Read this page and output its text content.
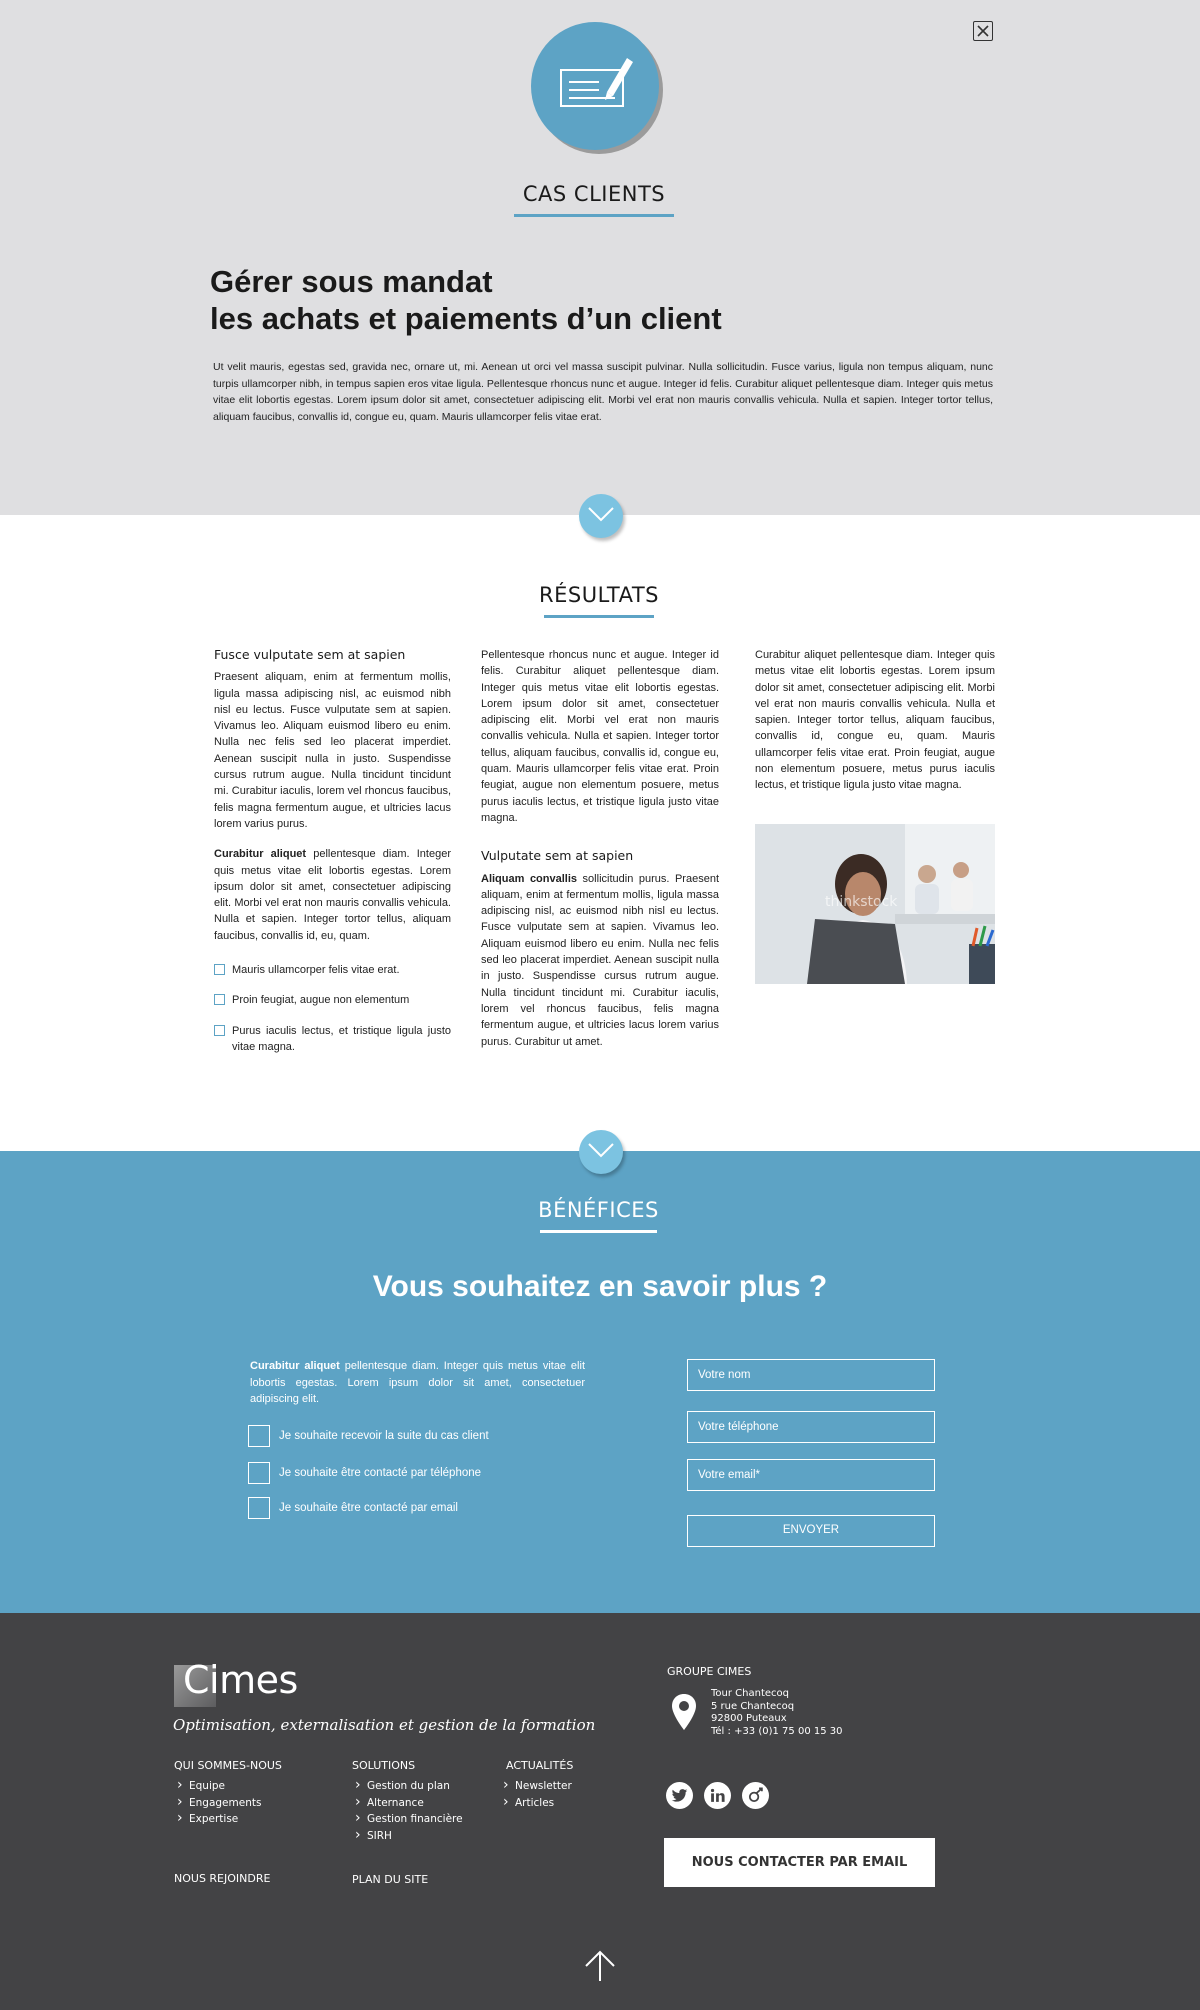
CAS CLIENTS
Gérer sous mandat
les achats et paiements d’un client

Ut velit mauris, egestas sed, gravida nec, ornare ut, mi. Aenean ut orci vel massa suscipit pulvinar. Nulla sollicitudin. Fusce varius, ligula non tempus aliquam, nunc turpis ullamcorper nibh, in tempus sapien eros vitae ligula. Pellentesque rhoncus nunc et augue. Integer id felis. Curabitur aliquet pellentesque diam. Integer quis metus vitae elit lobortis egestas. Lorem ipsum dolor sit amet, consectetuer adipiscing elit. Morbi vel erat non mauris convallis vehicula. Nulla et sapien. Integer tortor tellus, aliquam faucibus, convallis id, congue eu, quam. Mauris ullamcorper felis vitae erat.

RÉSULTATS
Fusce vulputate sem at sapien

Praesent aliquam, enim at fermentum mollis, ligula massa adipiscing nisl, ac euismod nibh nisl eu lectus. Fusce vulputate sem at sapien. Vivamus leo. Aliquam euismod libero eu enim. Nulla nec felis sed leo placerat imperdiet. Aenean suscipit nulla in justo. Suspendisse cursus rutrum augue. Nulla tincidunt tincidunt mi. Curabitur iaculis, lorem vel rhoncus faucibus, felis magna fermentum augue, et ultricies lacus lorem varius purus.

Curabitur aliquet pellentesque diam. Integer quis metus vitae elit lobortis egestas. Lorem ipsum dolor sit amet, consectetuer adipiscing elit. Morbi vel erat non mauris convallis vehicula. Nulla et sapien. Integer tortor tellus, aliquam faucibus, convallis id, eu, quam.

Mauris ullamcorper felis vitae erat.
Proin feugiat, augue non elementum
Purus iaculis lectus, et tristique ligula justo vitae magna.

Pellentesque rhoncus nunc et augue. Integer id felis. Curabitur aliquet pellentesque diam. Integer quis metus vitae elit lobortis egestas. Lorem ipsum dolor sit amet, consectetuer adipiscing elit. Morbi vel erat non mauris convallis vehicula. Nulla et sapien. Integer tortor tellus, aliquam faucibus, convallis id, congue eu, quam. Mauris ullamcorper felis vitae erat. Proin feugiat, augue non elementum posuere, metus purus iaculis lectus, et tristique ligula justo vitae magna.

Vulputate sem at sapien

Aliquam convallis sollicitudin purus. Praesent aliquam, enim at fermentum mollis, ligula massa adipiscing nisl, ac euismod nibh nisl eu lectus. Fusce vulputate sem at sapien. Vivamus leo. Aliquam euismod libero eu enim. Nulla nec felis sed leo placerat imperdiet. Aenean suscipit nulla in justo. Suspendisse cursus rutrum augue. Nulla tincidunt tincidunt mi. Curabitur iaculis, lorem vel rhoncus faucibus, felis magna fermentum augue, et ultricies lacus lorem varius purus. Curabitur ut amet.

Curabitur aliquet pellentesque diam. Integer quis metus vitae elit lobortis egestas. Lorem ipsum dolor sit amet, consectetuer adipiscing elit. Morbi vel erat non mauris convallis vehicula. Nulla et sapien. Integer tortor tellus, aliquam faucibus, convallis id, congue eu, quam. Mauris ullamcorper felis vitae erat. Proin feugiat, augue non elementum posuere, metus purus iaculis lectus, et tristique ligula justo vitae magna.

thinkstock
BÉNÉFICES
Vous souhaitez en savoir plus ?

Curabitur aliquet pellentesque diam. Integer quis metus vitae elit lobortis egestas. Lorem ipsum dolor sit amet, consectetuer adipiscing elit.

Je souhaite recevoir la suite du cas client
Je souhaite être contacté par téléphone
Je souhaite être contacté par email
Votre nom
Votre téléphone
Votre email*
ENVOYER
Cimes
Optimisation, externalisation et gestion de la formation
QUI SOMMES-NOUS
› Equipe
› Engagements
› Expertise
SOLUTIONS
› Gestion du plan
› Alternance
› Gestion financière
› SIRH
ACTUALITÉS
› Newsletter
› Articles
NOUS REJOINDRE	PLAN DU SITE
GROUPE CIMES
Tour Chantecoq
5 rue Chantecoq
92800 Puteaux
Tél : +33 (0)1 75 00 15 30
NOUS CONTACTER PAR EMAIL
